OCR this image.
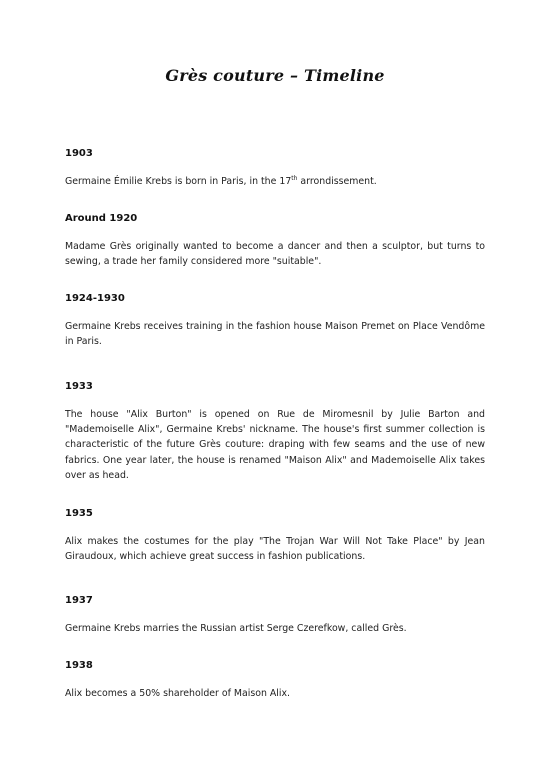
Grès couture – Timeline
1903

Germaine Émilie Krebs is born in Paris, in the 17th arrondissement.

Around 1920

Madame Grès originally wanted to become a dancer and then a sculptor, but turns to sewing, a trade her family considered more "suitable".

1924-1930

Germaine Krebs receives training in the fashion house Maison Premet on Place Vendôme in Paris.

1933

The house "Alix Burton" is opened on Rue de Miromesnil by Julie Barton and "Mademoiselle Alix", Germaine Krebs' nickname. The house's first summer collection is characteristic of the future Grès couture: draping with few seams and the use of new fabrics. One year later, the house is renamed "Maison Alix" and Mademoiselle Alix takes over as head.

1935

Alix makes the costumes for the play "The Trojan War Will Not Take Place" by Jean Giraudoux, which achieve great success in fashion publications.

1937

Germaine Krebs marries the Russian artist Serge Czerefkow, called Grès.

1938

Alix becomes a 50% shareholder of Maison Alix.
